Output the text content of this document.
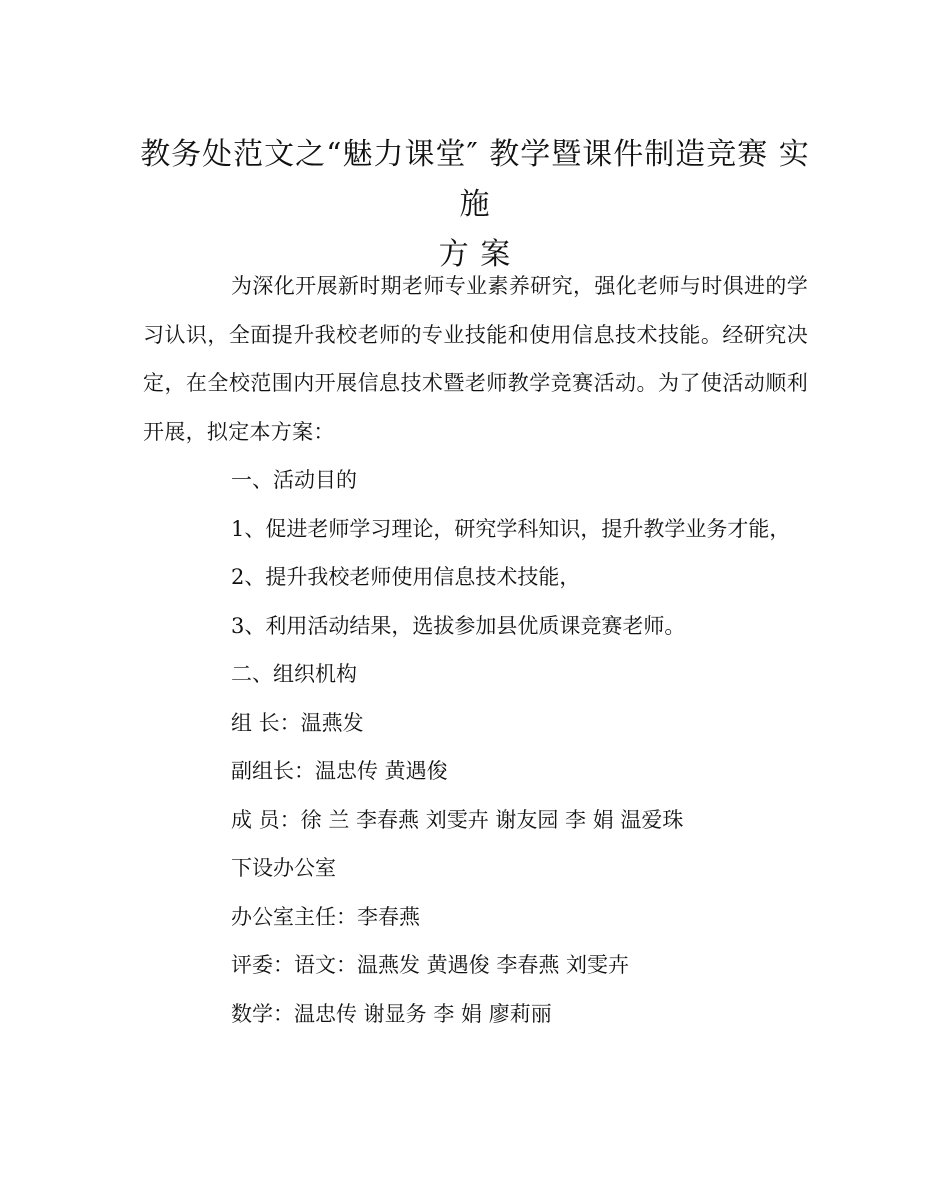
教务处范文之“魅力课堂″ 教学暨课件制造竞赛 实 施
方 案

为深化开展新时期老师专业素养研究，强化老师与时俱进的学习认识，全面提升我校老师的专业技能和使用信息技术技能。经研究决定，在全校范围内开展信息技术暨老师教学竞赛活动。为了使活动顺利开展，拟定本方案：

一、活动目的

1、促进老师学习理论，研究学科知识，提升教学业务才能，

2、提升我校老师使用信息技术技能，

3、利用活动结果，选拔参加县优质课竞赛老师。

二、组织机构

组 长：温燕发

副组长：温忠传 黄遇俊

成 员：徐 兰 李春燕 刘雯卉 谢友园 李 娟 温爱珠

下设办公室

办公室主任：李春燕

评委：语文：温燕发 黄遇俊 李春燕 刘雯卉

数学：温忠传 谢显务 李 娟 廖莉丽
